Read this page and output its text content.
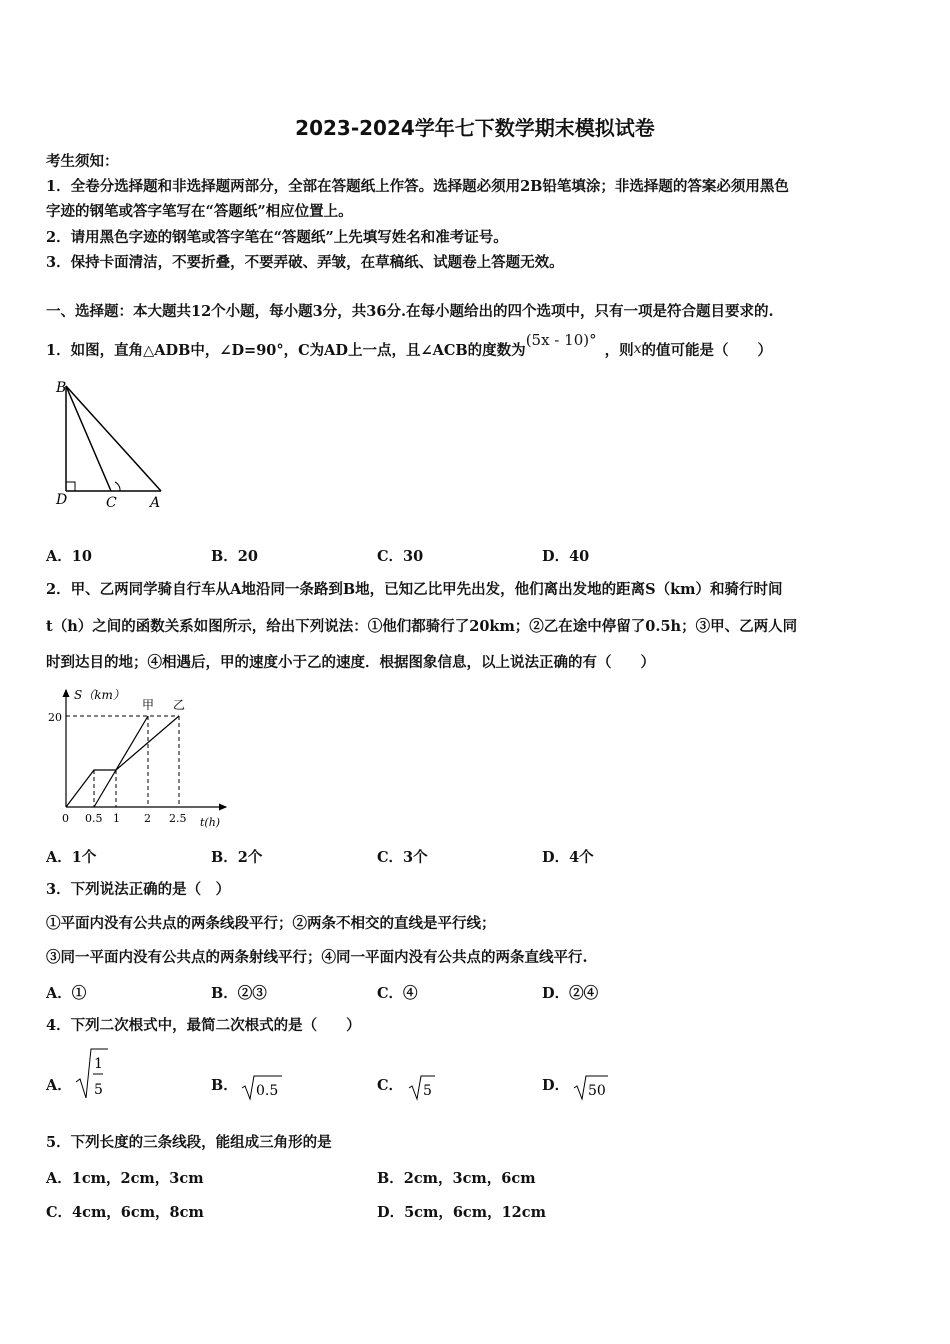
2023-2024学年七下数学期末模拟试卷
考生须知：
1．全卷分选择题和非选择题两部分，全部在答题纸上作答。选择题必须用2B铅笔填涂；非选择题的答案必须用黑色
字迹的钢笔或答字笔写在“答题纸”相应位置上。
2．请用黑色字迹的钢笔或答字笔在“答题纸”上先填写姓名和准考证号。
3．保持卡面清洁，不要折叠，不要弄破、弄皱，在草稿纸、试题卷上答题无效。
一、选择题：本大题共12个小题，每小题3分，共36分.在每小题给出的四个选项中，只有一项是符合题目要求的.
1．如图，直角△ADB中，∠D=90°，C为AD上一点，且∠ACB的度数为(5x - 10)°，则x的值可能是（　　）
B
D	C A
A．10	B．20	C．30	D．40
2．甲、乙两同学骑自行车从A地沿同一条路到B地，已知乙比甲先出发，他们离出发地的距离S（km）和骑行时间
t（h）之间的函数关系如图所示，给出下列说法：①他们都骑行了20km；②乙在途中停留了0.5h；③甲、乙两人同
时到达目的地；④相遇后，甲的速度小于乙的速度．根据图象信息，以上说法正确的有（　　）
S（km）
20
甲 乙
0 0.5 1 2 2.5 t(h)
A．1个	B．2个	C．3个	D．4个
3．下列说法正确的是（　）
①平面内没有公共点的两条线段平行；②两条不相交的直线是平行线；
③同一平面内没有公共点的两条射线平行；④同一平面内没有公共点的两条直线平行.
A．①	B．②③	C．④	D．②④
4．下列二次根式中，最简二次根式的是（　　）
A．
1
5	B． 0.5	C． 5	D． 50
5．下列长度的三条线段，能组成三角形的是
A．1cm，2cm，3cm	B．2cm，3cm，6cm
C．4cm，6cm，8cm	D．5cm，6cm，12cm
